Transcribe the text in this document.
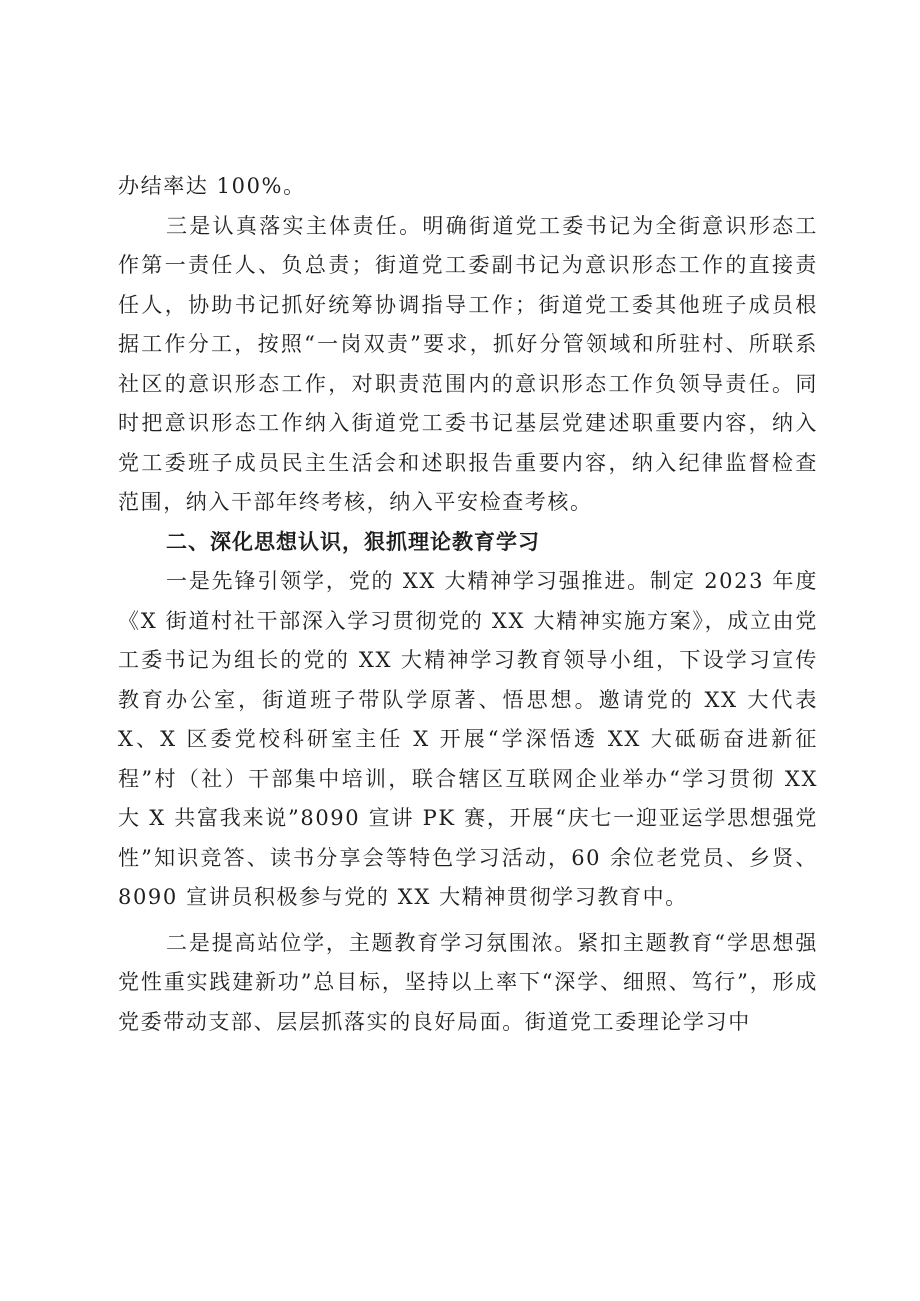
办结率达 100%。

三是认真落实主体责任。明确街道党工委书记为全街意识形态工作第一责任人、负总责；街道党工委副书记为意识形态工作的直接责任人，协助书记抓好统筹协调指导工作；街道党工委其他班子成员根据工作分工，按照“一岗双责”要求，抓好分管领域和所驻村、所联系社区的意识形态工作，对职责范围内的意识形态工作负领导责任。同时把意识形态工作纳入街道党工委书记基层党建述职重要内容，纳入党工委班子成员民主生活会和述职报告重要内容，纳入纪律监督检查范围，纳入干部年终考核，纳入平安检查考核。

二、深化思想认识，狠抓理论教育学习

一是先锋引领学，党的 XX 大精神学习强推进。制定 2023 年度《X 街道村社干部深入学习贯彻党的 XX 大精神实施方案》，成立由党工委书记为组长的党的 XX 大精神学习教育领导小组，下设学习宣传教育办公室，街道班子带队学原著、悟思想。邀请党的 XX 大代表 X、X 区委党校科研室主任 X 开展“学深悟透 XX 大砥砺奋进新征程”村（社）干部集中培训，联合辖区互联网企业举办“学习贯彻 XX 大 X 共富我来说”8090 宣讲 PK 赛，开展“庆七一迎亚运学思想强党性”知识竞答、读书分享会等特色学习活动，60 余位老党员、乡贤、8090 宣讲员积极参与党的 XX 大精神贯彻学习教育中。

二是提高站位学，主题教育学习氛围浓。紧扣主题教育“学思想强党性重实践建新功”总目标，坚持以上率下“深学、细照、笃行”，形成党委带动支部、层层抓落实的良好局面。街道党工委理论学习中
